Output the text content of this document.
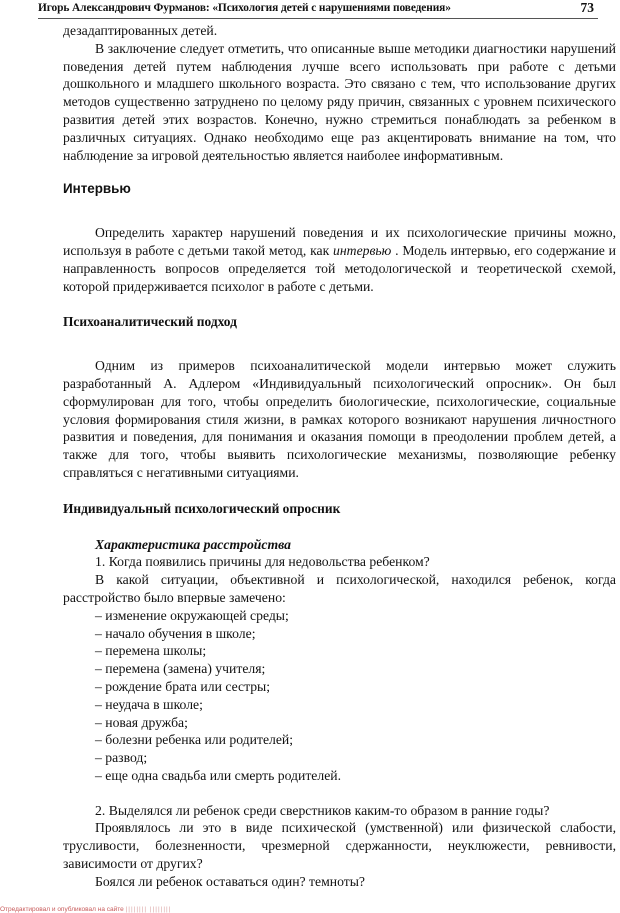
Игорь Александрович Фурманов: «Психология детей с нарушениями поведения»	73

дезадаптированных детей.

В заключение следует отметить, что описанные выше методики диагностики нарушений поведения детей путем наблюдения лучше всего использовать при работе с детьми дошкольного и младшего школьного возраста. Это связано с тем, что использование других методов существенно затруднено по целому ряду причин, связанных с уровнем психического развития детей этих возрастов. Конечно, нужно стремиться понаблюдать за ребенком в различных ситуациях. Однако необходимо еще раз акцентировать внимание на том, что наблюдение за игровой деятельностью является наиболее информативным.

Интервью

Определить характер нарушений поведения и их психологические причины можно, используя в работе с детьми такой метод, как интервью . Модель интервью, его содержание и направленность вопросов определяется той методологической и теоретической схемой, которой придерживается психолог в работе с детьми.

Психоаналитический подход

Одним из примеров психоаналитической модели интервью может служить разработанный А. Адлером «Индивидуальный психологический опросник». Он был сформулирован для того, чтобы определить биологические, психологические, социальные условия формирования стиля жизни, в рамках которого возникают нарушения личностного развития и поведения, для понимания и оказания помощи в преодолении проблем детей, а также для того, чтобы выявить психологические механизмы, позволяющие ребенку справляться с негативными ситуациями.

Индивидуальный психологический опросник

Характеристика расстройства

1. Когда появились причины для недовольства ребенком?

В какой ситуации, объективной и психологической, находился ребенок, когда расстройство было впервые замечено:

– изменение окружающей среды;
– начало обучения в школе;
– перемена школы;
– перемена (замена) учителя;
– рождение брата или сестры;
– неудача в школе;
– новая дружба;
– болезни ребенка или родителей;
– развод;
– еще одна свадьба или смерть родителей.

2. Выделялся ли ребенок среди сверстников каким-то образом в ранние годы?

Проявлялось ли это в виде психической (умственной) или физической слабости, трусливости, болезненности, чрезмерной сдержанности, неуклюжести, ревнивости, зависимости от других?

Боялся ли ребенок оставаться один? темноты?

Отредактировал и опубликовал на сайте |||||||| ||||||||
